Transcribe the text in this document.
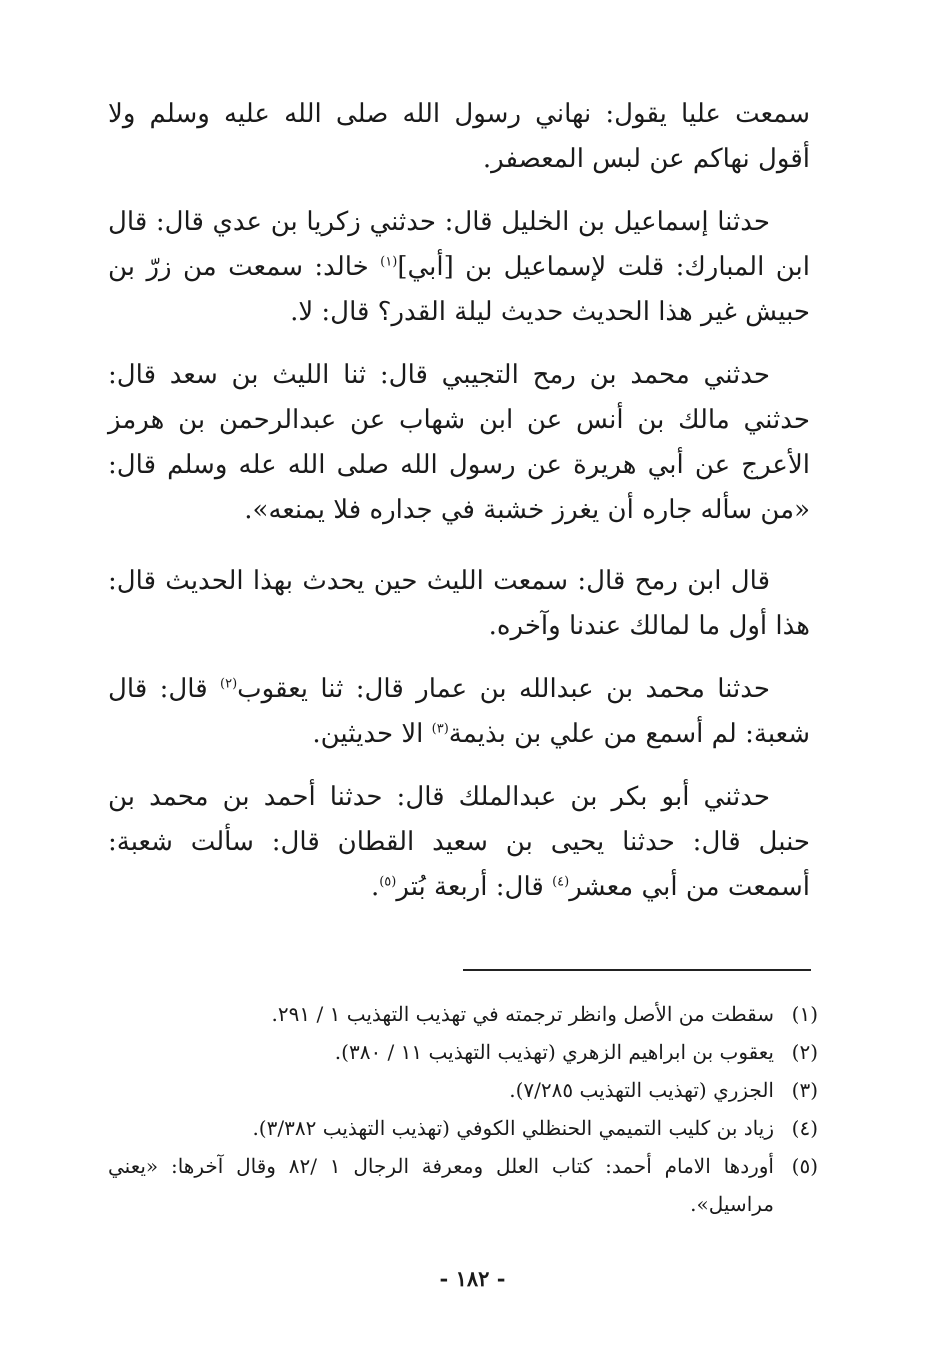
سمعت عليا يقول: نهاني رسول الله صلى الله عليه وسلم ولا أقول نهاكم عن لبس المعصفر.

حدثنا إسماعيل بن الخليل قال: حدثني زكريا بن عدي قال: قال ابن المبارك: قلت لإسماعيل بن [أبي]$^{(١)}$ خالد: سمعت من زرّ بن حبيش غير هذا الحديث حديث ليلة القدر؟ قال: لا.

حدثني محمد بن رمح التجيبي قال: ثنا الليث بن سعد قال: حدثني مالك بن أنس عن ابن شهاب عن عبدالرحمن بن هرمز الأعرج عن أبي هريرة عن رسول الله صلى الله عله وسلم قال: «من سأله جاره أن يغرز خشبة في جداره فلا يمنعه».

قال ابن رمح قال: سمعت الليث حين يحدث بهذا الحديث قال: هذا أول ما لمالك عندنا وآخره.

حدثنا محمد بن عبدالله بن عمار قال: ثنا يعقوب$^{(٢)}$ قال: قال شعبة: لم أسمع من علي بن بذيمة$^{(٣)}$ الا حديثين.

حدثني أبو بكر بن عبدالملك قال: حدثنا أحمد بن محمد بن حنبل قال: حدثنا يحيى بن سعيد القطان قال: سألت شعبة: أسمعت من أبي معشر$^{(٤)}$ قال: أربعة بُتر$^{(٥)}$.

(١)
سقطت من الأصل وانظر ترجمته في تهذيب التهذيب ١ / ٢٩١.
(٢)
يعقوب بن ابراهيم الزهري (تهذيب التهذيب ١١ / ٣٨٠).
(٣)
الجزري (تهذيب التهذيب ٧/٢٨٥).
(٤)
زياد بن كليب التميمي الحنظلي الكوفي (تهذيب التهذيب ٣/٣٨٢).
(٥)
أوردها الامام أحمد: كتاب العلل ومعرفة الرجال ١ /٨٢ وقال آخرها: «يعني مراسيل».
- ١٨٢ -
